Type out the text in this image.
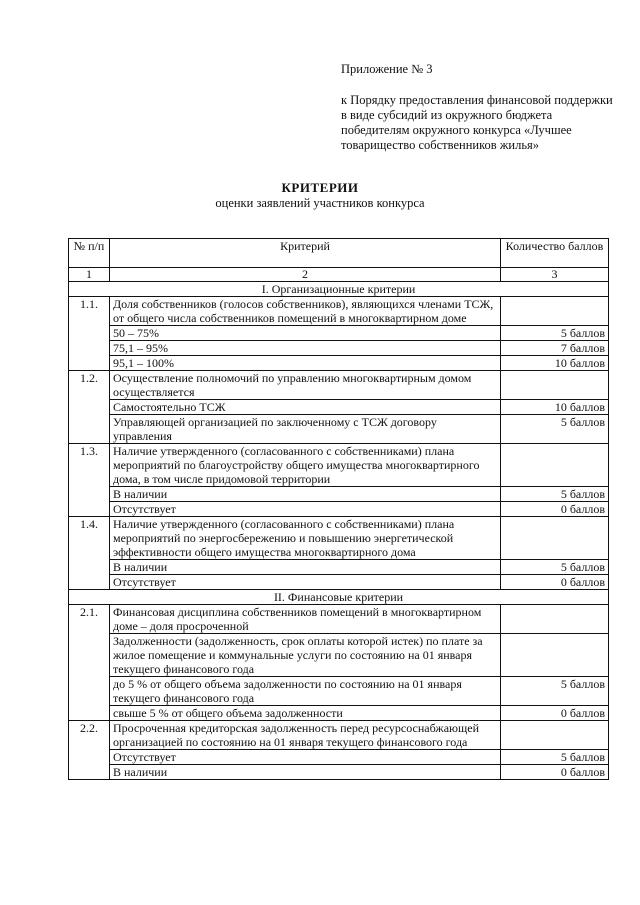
Приложение № 3
к Порядку предоставления финансовой поддержки в виде субсидий из окружного бюджета победителям окружного конкурса «Лучшее товарищество собственников жилья»
КРИТЕРИИ
оценки заявлений участников конкурса
№ п/п	Критерий	Количество баллов
1	2	3
I. Организационные критерии		
1.1.	Доля собственников (голосов собственников), являющихся членами ТСЖ, от общего числа собственников помещений в многоквартирном доме	
	50 – 75%	5 баллов
	75,1 – 95%	7 баллов
	95,1 – 100%	10 баллов
1.2.	Осуществление полномочий по управлению многоквартирным домом осуществляется	
	Самостоятельно ТСЖ	10 баллов
	Управляющей организацией по заключенному с ТСЖ договору управления	5 баллов
1.3.	Наличие утвержденного (согласованного с собственниками) плана мероприятий по благоустройству общего имущества многоквартирного дома, в том числе придомовой территории	
	В наличии	5 баллов
	Отсутствует	0 баллов
1.4.	Наличие утвержденного (согласованного с собственниками) плана мероприятий по энергосбережению и повышению энергетической эффективности общего имущества многоквартирного дома	
	В наличии	5 баллов
	Отсутствует	0 баллов
II. Финансовые критерии		
2.1.	Финансовая дисциплина собственников помещений в многоквартирном доме – доля просроченной	
	Задолженности (задолженность, срок оплаты которой истек) по плате за жилое помещение и коммунальные услуги по состоянию на 01 января текущего финансового года	
	до 5 % от общего объема задолженности по состоянию на 01 января текущего финансового года	5 баллов
	свыше 5 % от общего объема задолженности	0 баллов
2.2.	Просроченная кредиторская задолженность перед ресурсоснабжающей организацией по состоянию на 01 января текущего финансового года	
	Отсутствует	5 баллов
	В наличии	0 баллов
